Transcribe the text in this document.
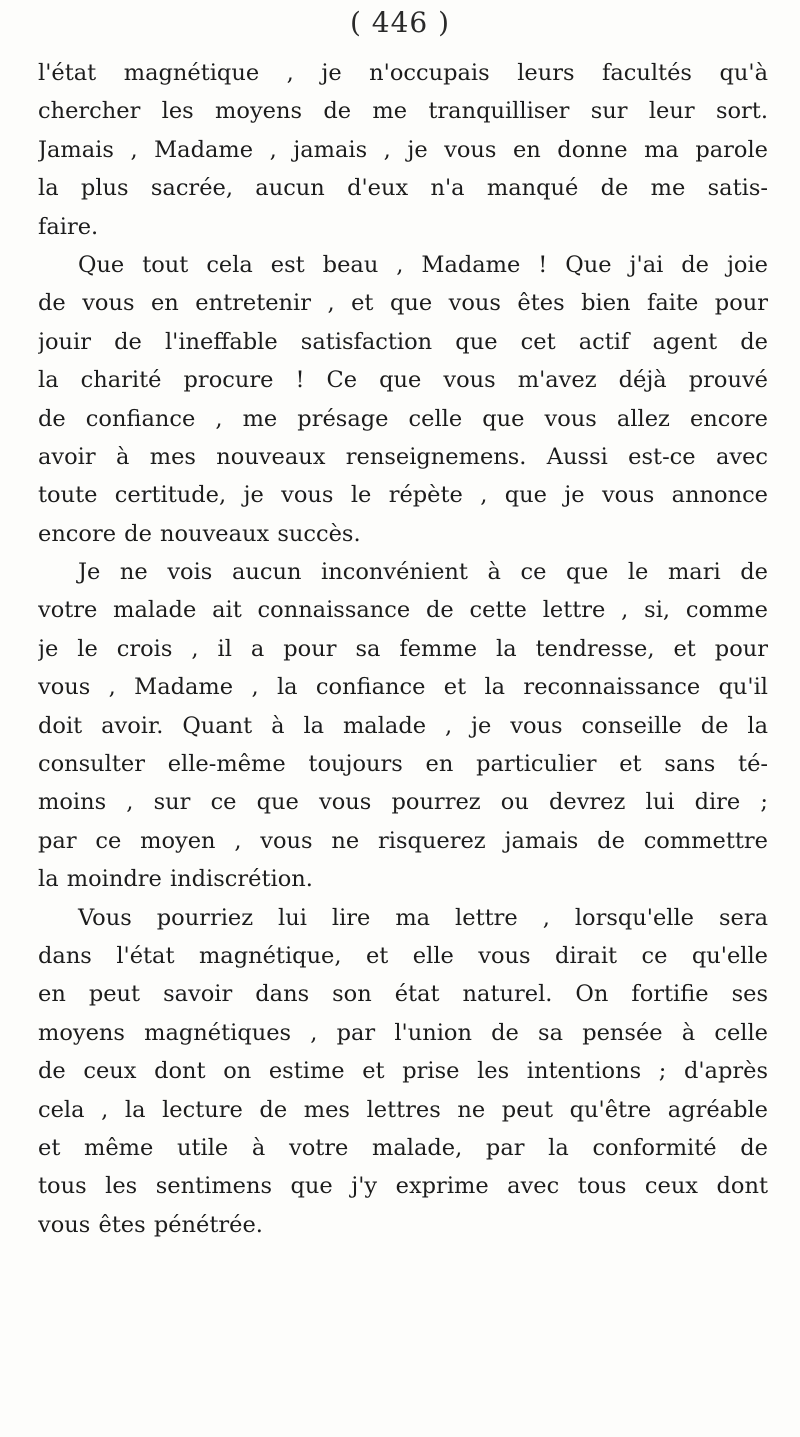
( 446 )
l'état magnétique , je n'occupais leurs facultés qu'à
chercher les moyens de me tranquilliser sur leur sort.
Jamais , Madame , jamais , je vous en donne ma parole
la plus sacrée, aucun d'eux n'a manqué de me satis-
faire.
Que tout cela est beau , Madame ! Que j'ai de joie
de vous en entretenir , et que vous êtes bien faite pour
jouir de l'ineffable satisfaction que cet actif agent de
la charité procure ! Ce que vous m'avez déjà prouvé
de confiance , me présage celle que vous allez encore
avoir à mes nouveaux renseignemens. Aussi est-ce avec
toute certitude, je vous le répète , que je vous annonce
encore de nouveaux succès.
Je ne vois aucun inconvénient à ce que le mari de
votre malade ait connaissance de cette lettre , si, comme
je le crois , il a pour sa femme la tendresse, et pour
vous , Madame , la confiance et la reconnaissance qu'il
doit avoir. Quant à la malade , je vous conseille de la
consulter elle-même toujours en particulier et sans té-
moins , sur ce que vous pourrez ou devrez lui dire ;
par ce moyen , vous ne risquerez jamais de commettre
la moindre indiscrétion.
Vous pourriez lui lire ma lettre , lorsqu'elle sera
dans l'état magnétique, et elle vous dirait ce qu'elle
en peut savoir dans son état naturel. On fortifie ses
moyens magnétiques , par l'union de sa pensée à celle
de ceux dont on estime et prise les intentions ; d'après
cela , la lecture de mes lettres ne peut qu'être agréable
et même utile à votre malade, par la conformité de
tous les sentimens que j'y exprime avec tous ceux dont
vous êtes pénétrée.
